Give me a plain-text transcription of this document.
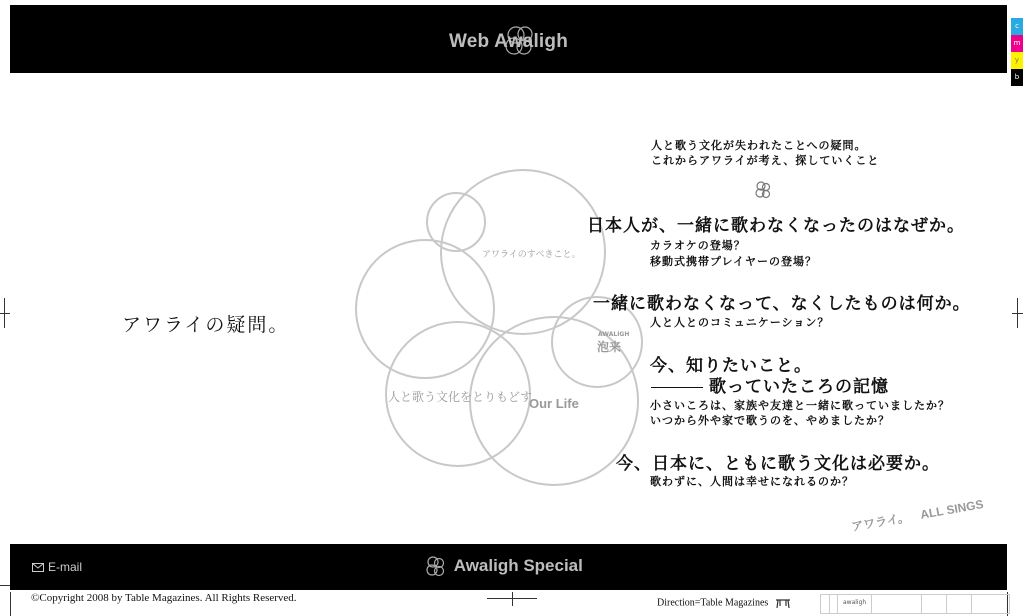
Web Awaligh
c
m
y
b
アワライの疑問。
アワライのすべきこと。
人と歌う文化をとりもどす
Our Life
AWALIGH
泡来
人と歌う文化が失われたことへの疑問。
これからアワライが考え、探していくこと
日本人が、一緒に歌わなくなったのはなぜか。
カラオケの登場？
移動式携帯プレイヤーの登場？
一緒に歌わなくなって、なくしたものは何か。
人と人とのコミュニケーション？
今、知りたいこと。
歌っていたころの記憶
小さいころは、家族や友達と一緒に歌っていましたか？
いつから外や家で歌うのを、やめましたか？
今、日本に、ともに歌う文化は必要か。
歌わずに、人間は幸せになれるのか？
アワライ。 ALL SINGS
E-mail	Awaligh Special
©Copyright 2008 by Table Magazines. All Rights Reserved.	Direction=Table Magazines	awaligh
